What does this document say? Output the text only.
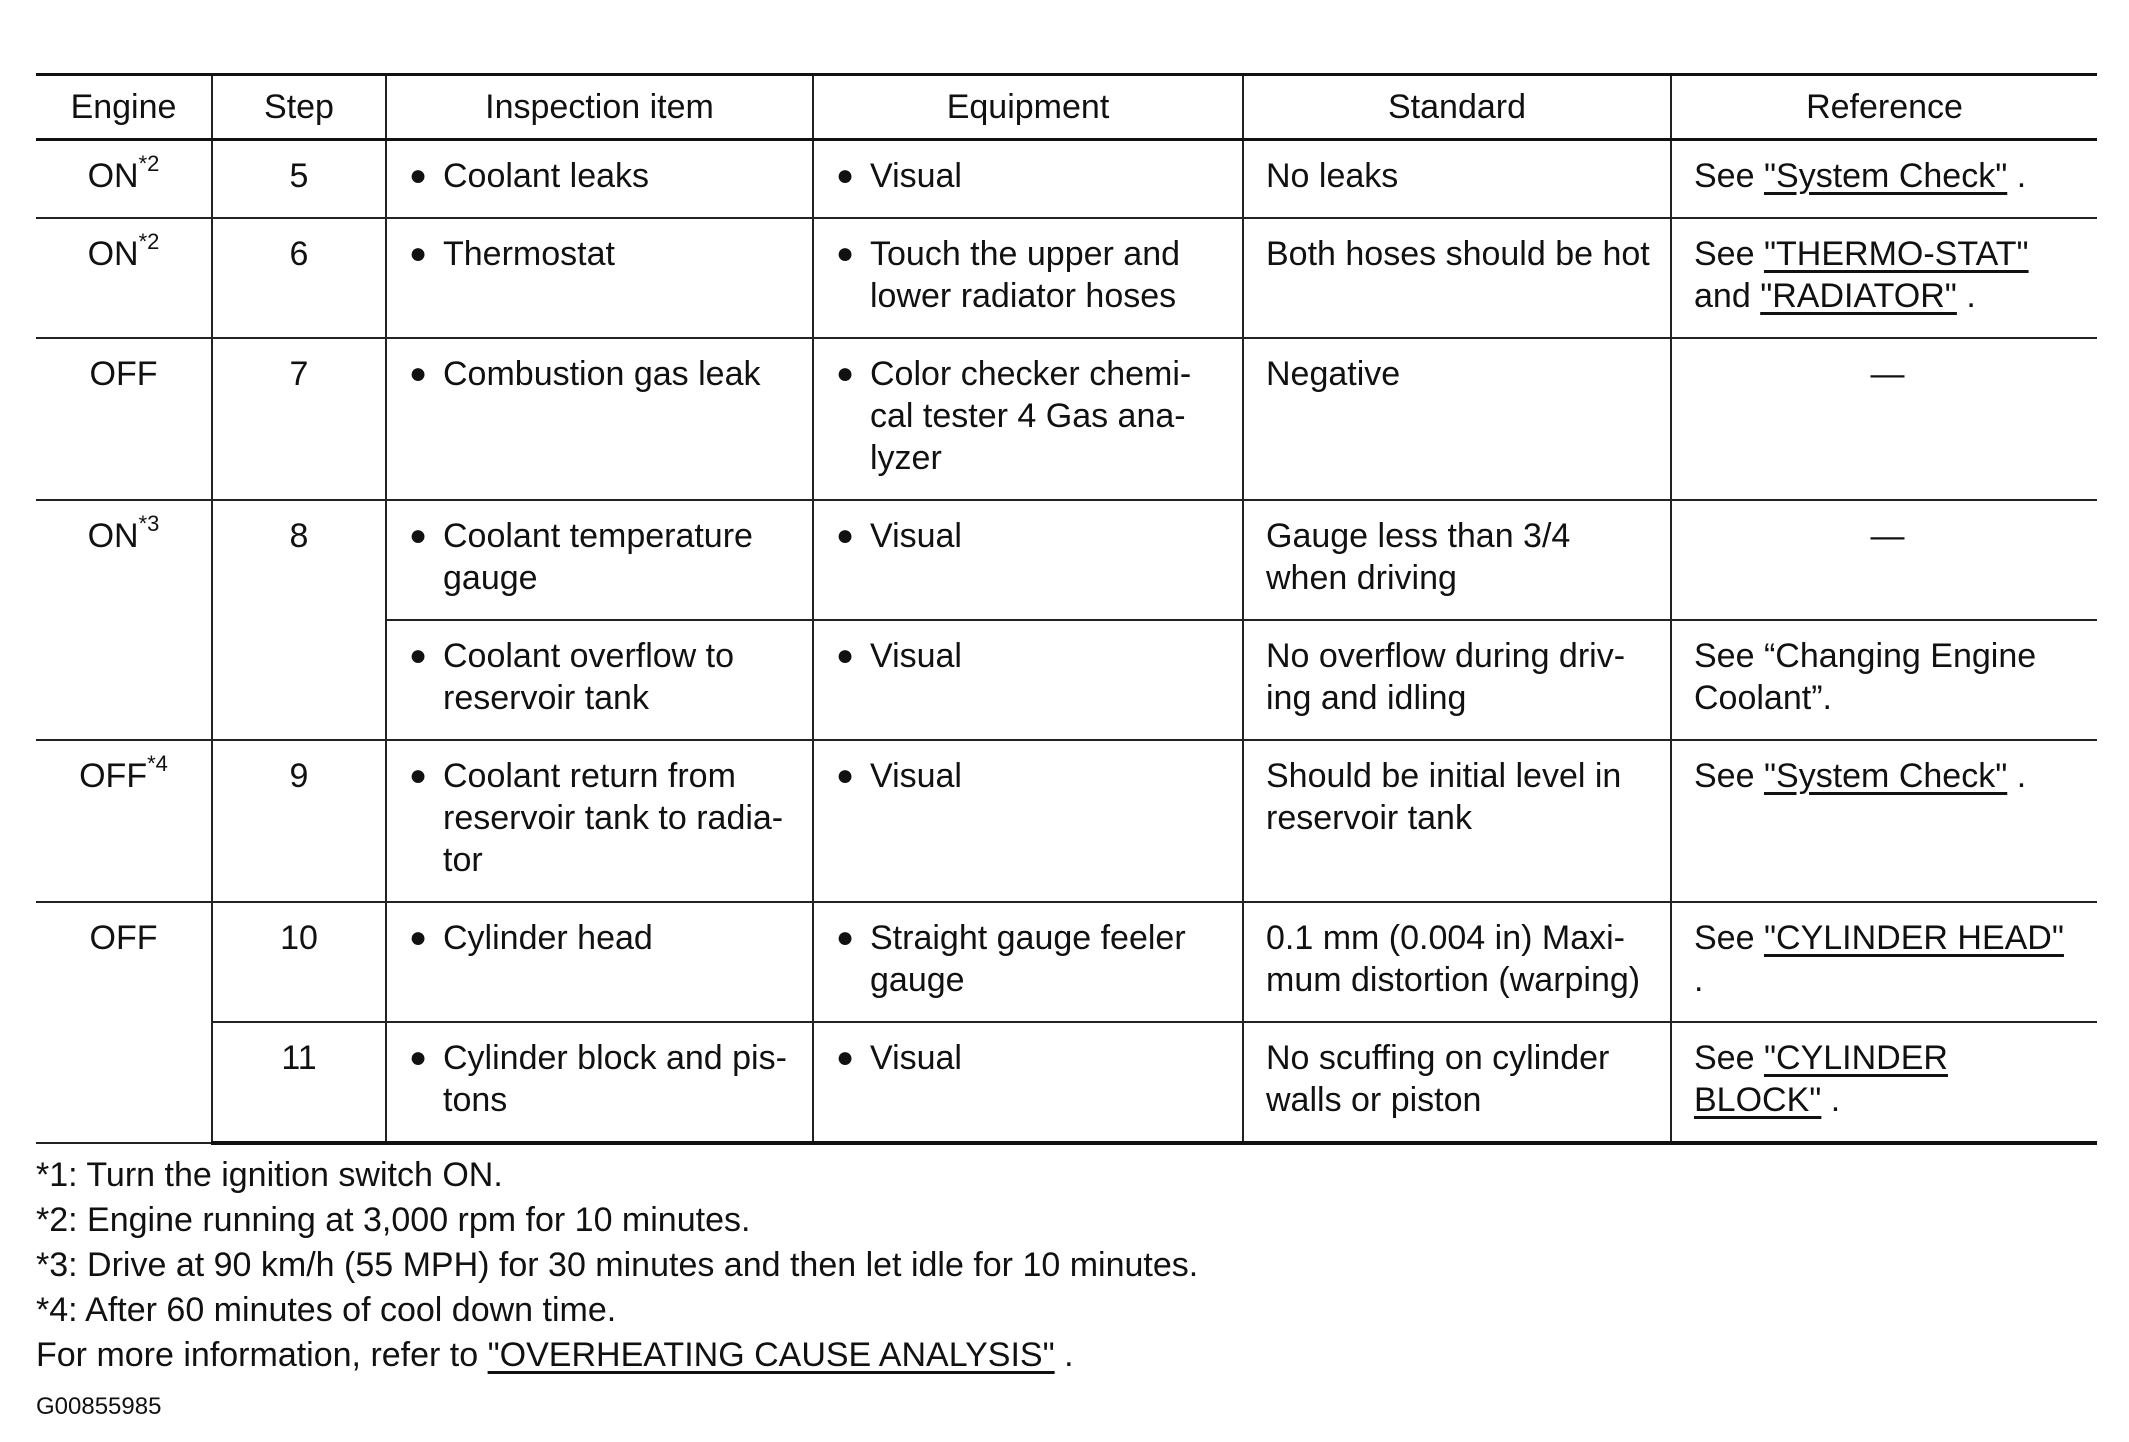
Engine	Step	Inspection item	Equipment	Standard	Reference
ON$^{*2}$	5	● Coolant leaks	● Visual	No leaks	See "System Check" .
ON$^{*2}$	6	● Thermostat	● Touch the upper and lower radiator hoses	Both hoses should be hot	See "THERMO-STAT" and "RADIATOR" .
OFF	7	● Combustion gas leak	● Color checker chemi-cal tester 4 Gas ana-lyzer	Negative	—
ON$^{*3}$	8	● Coolant temperature gauge	● Visual	Gauge less than 3/4 when driving	—

		● Coolant overflow to reservoir tank	● Visual	No overflow during driv-ing and idling	See “Changing Engine Coolant”.
OFF$^{*4}$	9	● Coolant return from reservoir tank to radia-tor	● Visual	Should be initial level in reservoir tank	See "System Check" .
OFF	10	● Cylinder head	● Straight gauge feeler gauge	0.1 mm (0.004 in) Maxi-mum distortion (warping)	See "CYLINDER HEAD" .
	11	● Cylinder block and pis-tons	● Visual	No scuffing on cylinder walls or piston	See "CYLINDER BLOCK" .
*1: Turn the ignition switch ON.
*2: Engine running at 3,000 rpm for 10 minutes.
*3: Drive at 90 km/h (55 MPH) for 30 minutes and then let idle for 10 minutes.
*4: After 60 minutes of cool down time.
For more information, refer to "OVERHEATING CAUSE ANALYSIS" .
G00855985
